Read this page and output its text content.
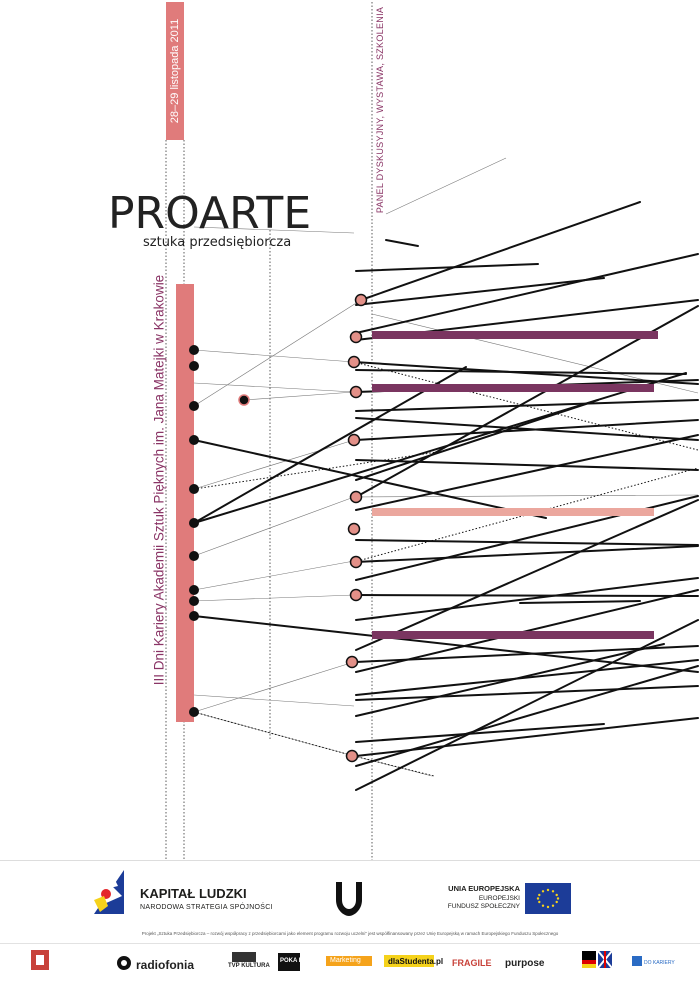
28–29 listopada 2011	PANEL DYSKUSYJNY, WYSTAWA, SZKOLENIA
PROARTE
sztuka przedsiębiorcza
III Dni Kariery Akademii Sztuk Pięknych im. Jana Matejki w Krakowie
KAPITAŁ LUDZKI
NARODOWA STRATEGIA SPÓJNOŚCI
UNIA EUROPEJSKA
EUROPEJSKI
FUNDUSZ SPOŁECZNY
Projekt „Sztuka Przedsiębiorcza – rozwój współpracy z przedsiębiorcami jako element programu rozwoju uczelni" jest współfinansowany przez Unię Europejską w ramach Europejskiego Funduszu Społecznego
radiofonia	TVP KULTURA
POKA POKA Marketing	dlaStudenta.pl FRAGILE purpose	DO KARIERY
